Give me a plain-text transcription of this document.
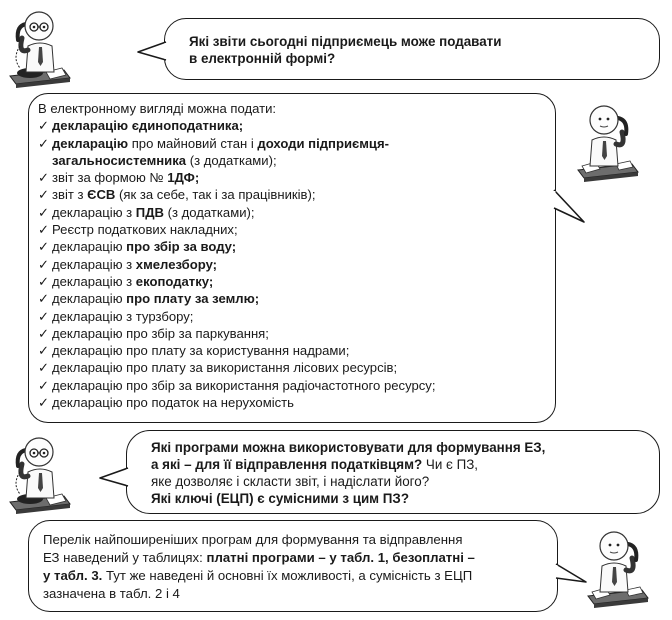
Які звіти сьогодні підприємець може подавати
в електронній формі?
В електронному вигляді можна подати:
✓ декларацію єдиноподатника;
✓ декларацію про майновий стан і доходи підприємця-
загальносистемника (з додатками);
✓ звіт за формою № 1ДФ;
✓ звіт з ЄСВ (як за себе, так і за працівників);
✓ декларацію з ПДВ (з додатками);
✓ Реєстр податкових накладних;
✓ декларацію про збір за воду;
✓ декларацію з хмелезбору;
✓ декларацію з екоподатку;
✓ декларацію про плату за землю;
✓ декларацію з турзбору;
✓ декларацію про збір за паркування;
✓ декларацію про плату за користування надрами;
✓ декларацію про плату за використання лісових ресурсів;
✓ декларацію про збір за використання радіочастотного ресурсу;
✓ декларацію про податок на нерухомість
Які програми можна використовувати для формування ЕЗ,
а які – для її відправлення податківцям? Чи є ПЗ,
яке дозволяє і скласти звіт, і надіслати його?
Які ключі (ЕЦП) є сумісними з цим ПЗ?
Перелік найпоширеніших програм для формування та відправлення
ЕЗ наведений у таблицях: платні програми – у табл. 1, безоплатні –
у табл. 3. Тут же наведені й основні їх можливості, а сумісність з ЕЦП
зазначена в табл. 2 і 4
